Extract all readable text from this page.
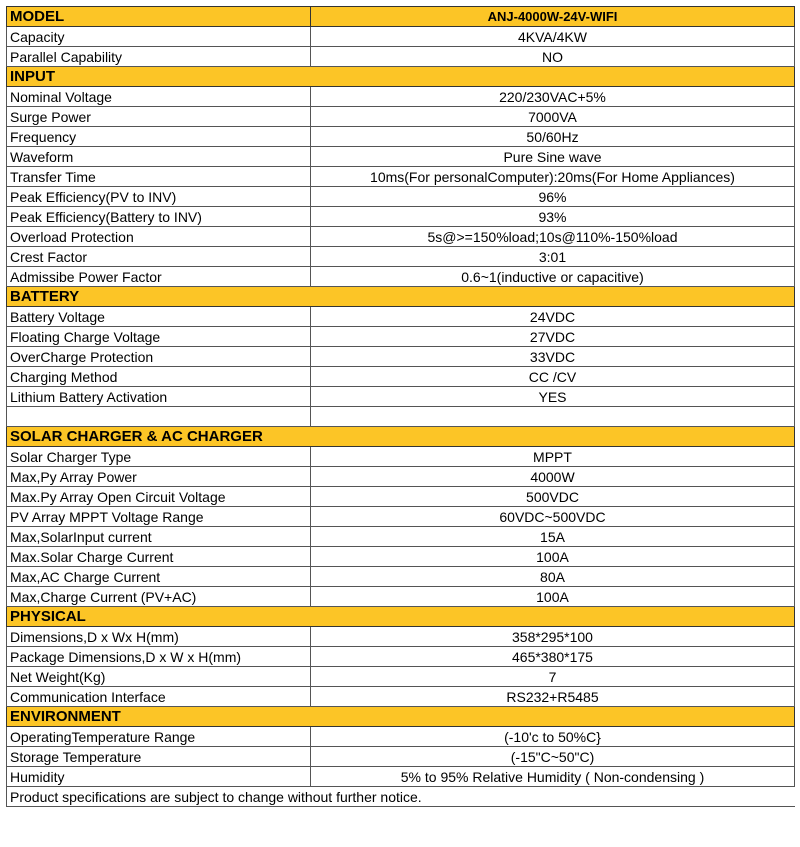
MODEL	ANJ-4000W-24V-WIFI
Capacity	4KVA/4KW
Parallel Capability	NO
INPUT	
Nominal Voltage	220/230VAC+5%
Surge Power	7000VA
Frequency	50/60Hz
Waveform	Pure Sine wave
Transfer Time	10ms(For personalComputer):20ms(For Home Appliances)
Peak Efficiency(PV to INV)	96%
Peak Efficiency(Battery to INV)	93%
Overload Protection	5s@>=150%load;10s@110%-150%load
Crest Factor	3:01
Admissibe Power Factor	0.6~1(inductive or capacitive)
BATTERY	
Battery Voltage	24VDC
Floating Charge Voltage	27VDC
OverCharge Protection	33VDC
Charging Method	CC /CV
Lithium Battery Activation	YES

SOLAR CHARGER & AC CHARGER	
Solar Charger Type	MPPT
Max,Py Array Power	4000W
Max.Py Array Open Circuit Voltage	500VDC
PV Array MPPT Voltage Range	60VDC~500VDC
Max,SolarInput current	15A
Max.Solar Charge Current	100A
Max,AC Charge Current	80A
Max,Charge Current (PV+AC)	100A
PHYSICAL	
Dimensions,D x Wx H(mm)	358*295*100
Package Dimensions,D x W x H(mm)	465*380*175
Net Weight(Kg)	7
Communication Interface	RS232+R5485
ENVIRONMENT	
OperatingTemperature Range	(-10'c to 50%C}
Storage Temperature	(-15"C~50"C)
Humidity	5% to 95% Relative Humidity ( Non-condensing )
Product specifications are subject to change without further notice.	
